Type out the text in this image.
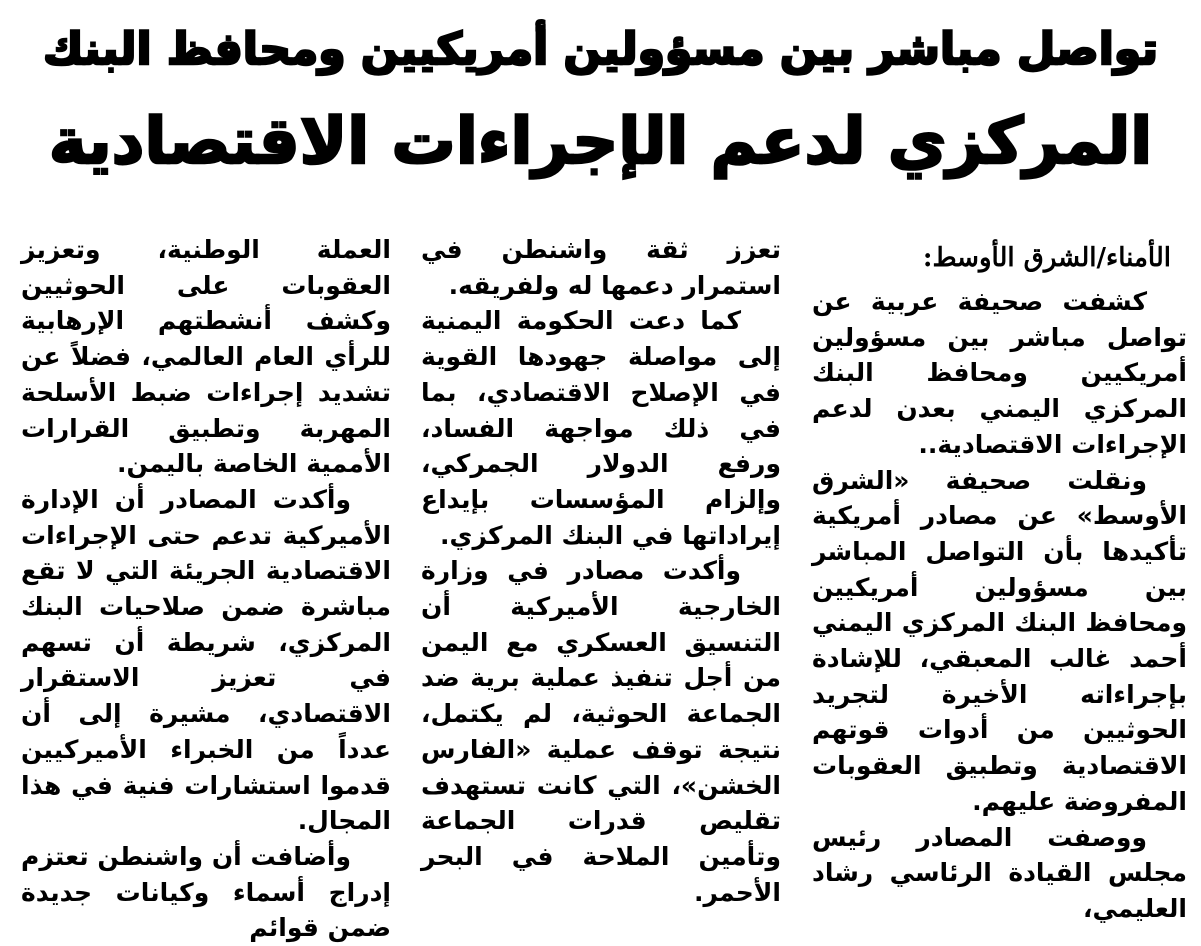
تواصل مباشر بين مسؤولين أمريكيين ومحافظ البنك
المركزي لدعم الإجراءات الاقتصادية
الأمناء/الشرق الأوسط:

كشفت صحيفة عربية عن تواصل مباشر بين مسؤولين أمريكيين ومحافظ البنك المركزي اليمني بعدن لدعم الإجراءات الاقتصادية..

ونقلت صحيفة «الشرق الأوسط» عن مصادر أمريكية تأكيدها بأن التواصل المباشر بين مسؤولين أمريكيين ومحافظ البنك المركزي اليمني أحمد غالب المعبقي، للإشادة بإجراءاته الأخيرة لتجريد الحوثيين من أدوات قوتهم الاقتصادية وتطبيق العقوبات المفروضة عليهم.

ووصفت المصادر رئيس مجلس القيادة الرئاسي رشاد العليمي،

تعزز ثقة واشنطن في استمرار دعمها له ولفريقه.

كما دعت الحكومة اليمنية إلى مواصلة جهودها القوية في الإصلاح الاقتصادي، بما في ذلك مواجهة الفساد، ورفع الدولار الجمركي، وإلزام المؤسسات بإيداع إيراداتها في البنك المركزي.

وأكدت مصادر في وزارة الخارجية الأميركية أن التنسيق العسكري مع اليمن من أجل تنفيذ عملية برية ضد الجماعة الحوثية، لم يكتمل، نتيجة توقف عملية «الفارس الخشن»، التي كانت تستهدف تقليص قدرات الجماعة وتأمين الملاحة في البحر الأحمر.

العملة الوطنية، وتعزيز العقوبات على الحوثيين وكشف أنشطتهم الإرهابية للرأي العام العالمي، فضلاً عن تشديد إجراءات ضبط الأسلحة المهربة وتطبيق القرارات الأممية الخاصة باليمن.

وأكدت المصادر أن الإدارة الأميركية تدعم حتى الإجراءات الاقتصادية الجريئة التي لا تقع مباشرة ضمن صلاحيات البنك المركزي، شريطة أن تسهم في تعزيز الاستقرار الاقتصادي، مشيرة إلى أن عدداً من الخبراء الأميركيين قدموا استشارات فنية في هذا المجال.

وأضافت أن واشنطن تعتزم إدراج أسماء وكيانات جديدة ضمن قوائم
